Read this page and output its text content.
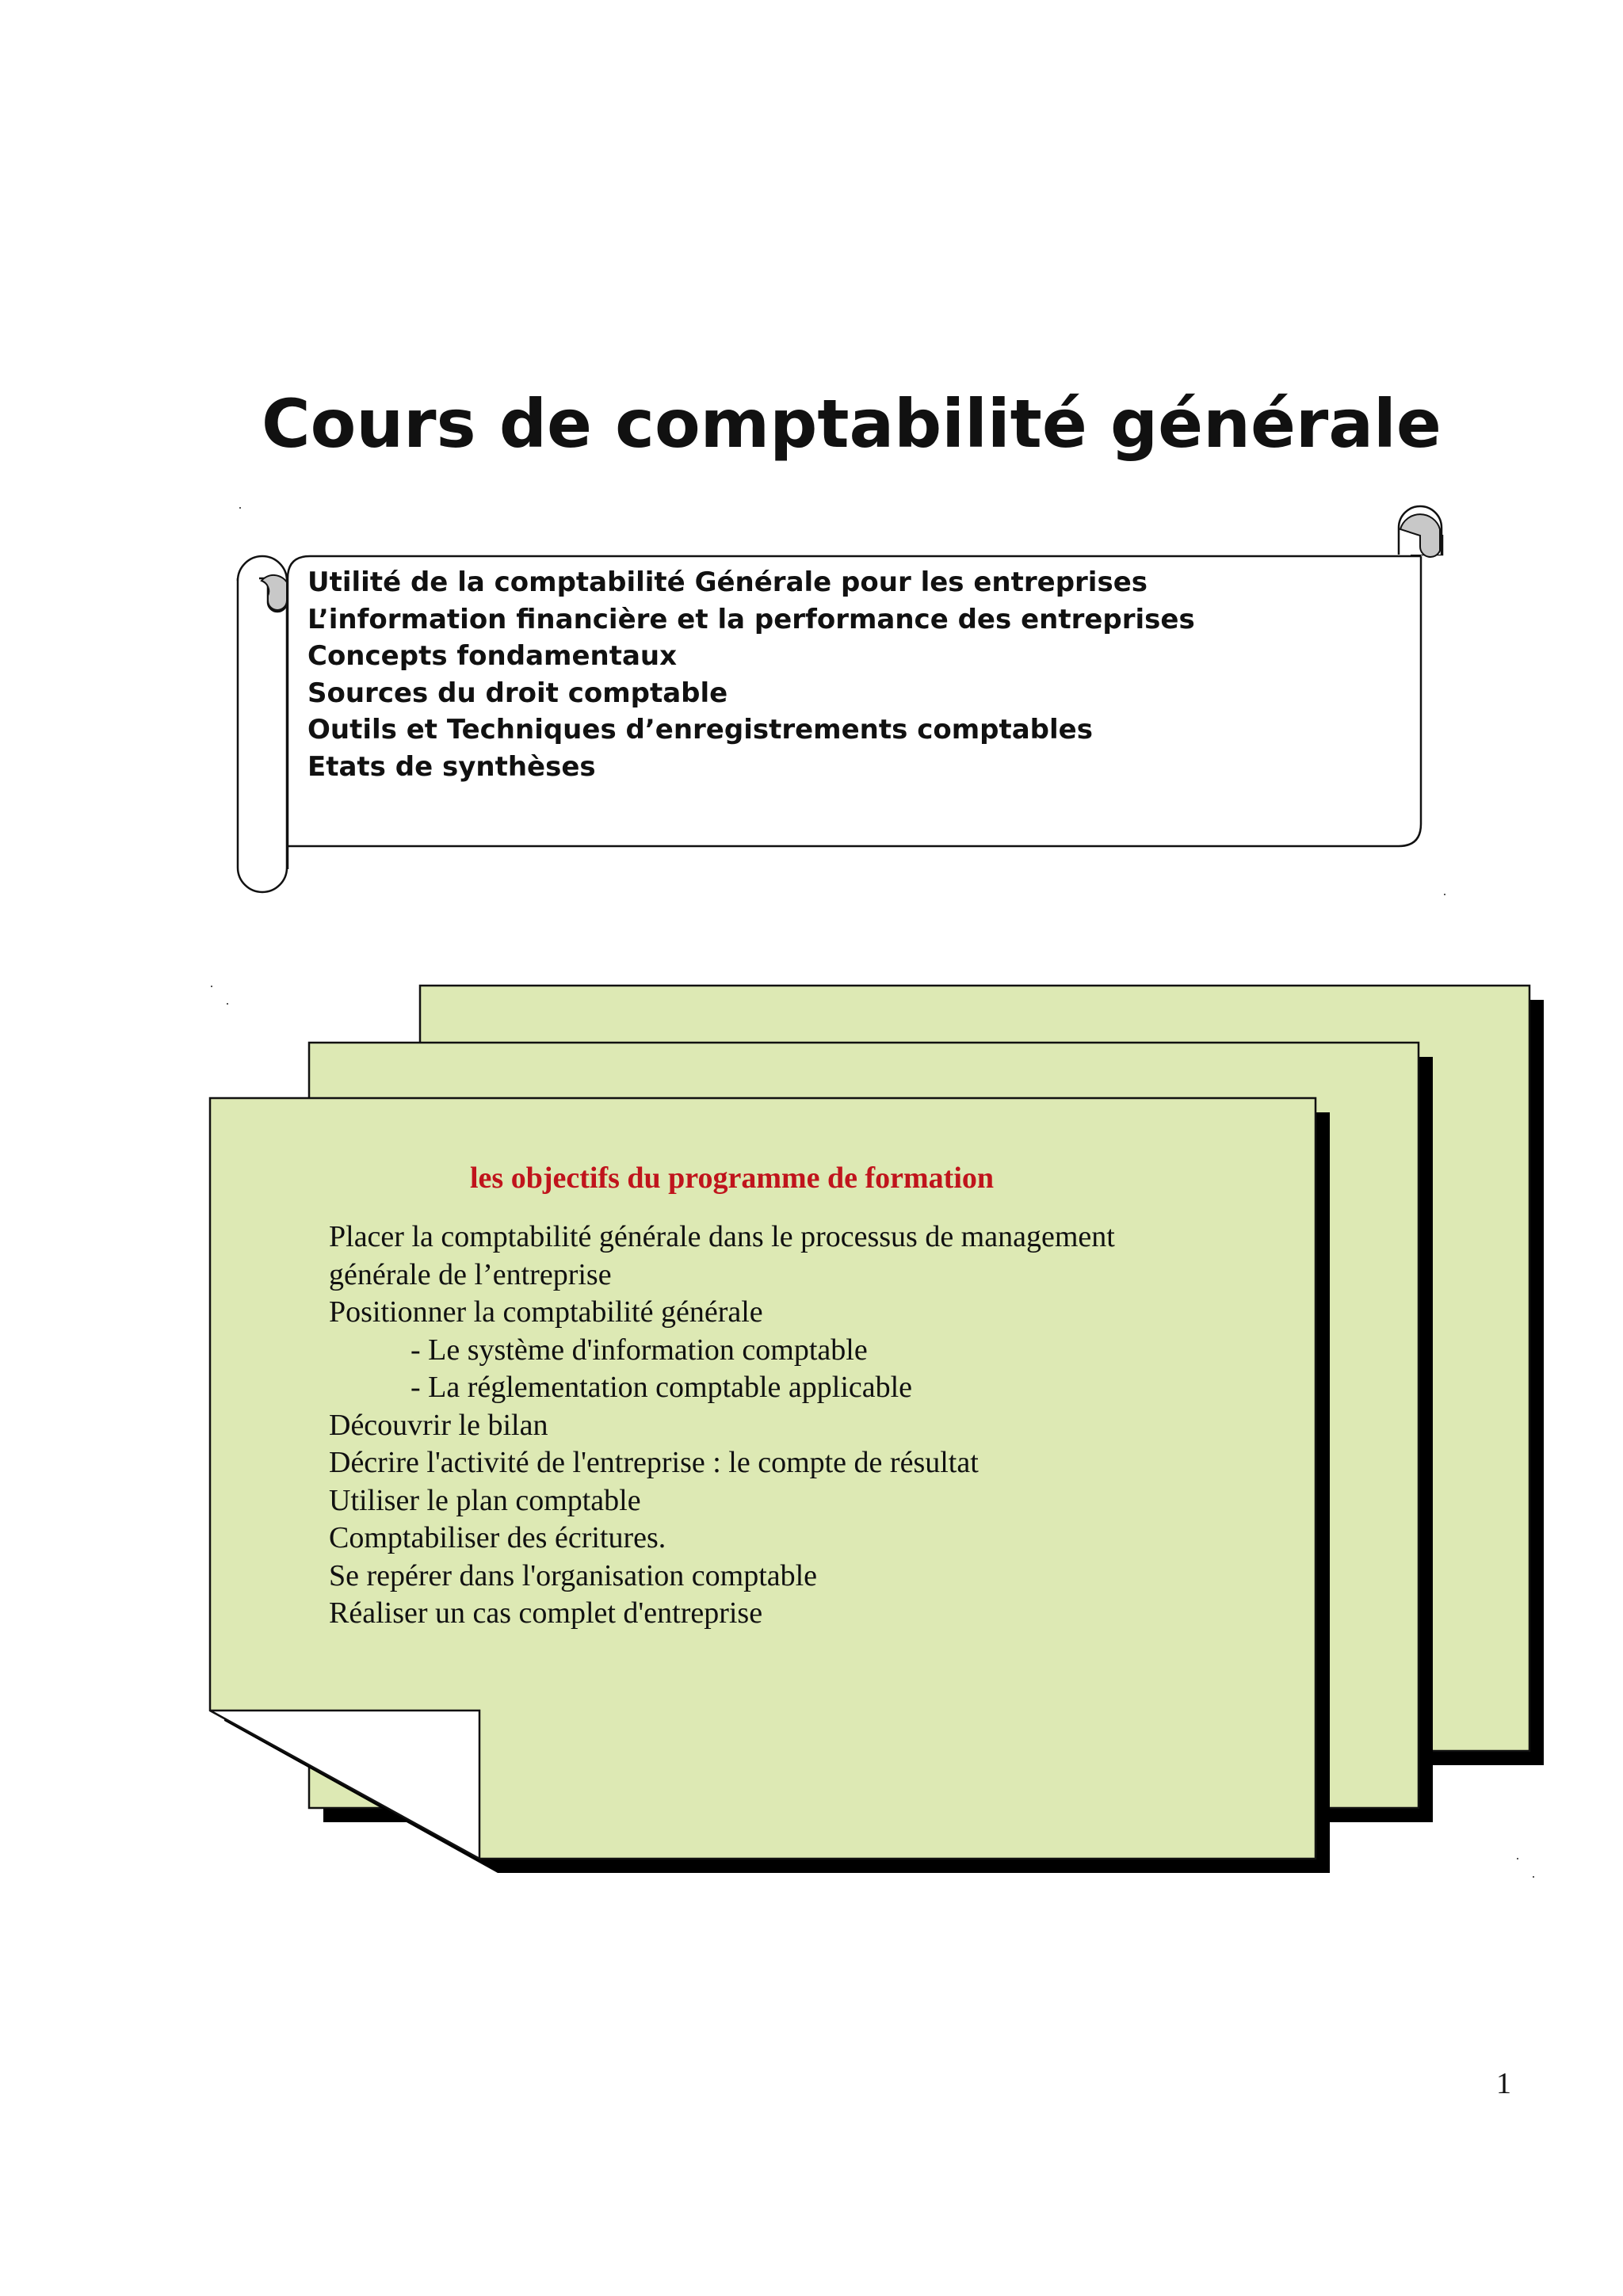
Cours de comptabilité générale
Utilité de la comptabilité Générale pour les entreprises
L’information financière et la performance des entreprises
Concepts fondamentaux
Sources du droit comptable
Outils et Techniques d’enregistrements comptables
Etats de synthèses

les objectifs du programme de formation

Placer la comptabilité générale dans le processus de management
générale de l’entreprise
Positionner la comptabilité générale
- Le système d'information comptable
- La réglementation comptable applicable
Découvrir le bilan
Décrire l'activité de l'entreprise : le compte de résultat
Utiliser le plan comptable
Comptabiliser des écritures.
Se repérer dans l'organisation comptable
Réaliser un cas complet d'entreprise
1
